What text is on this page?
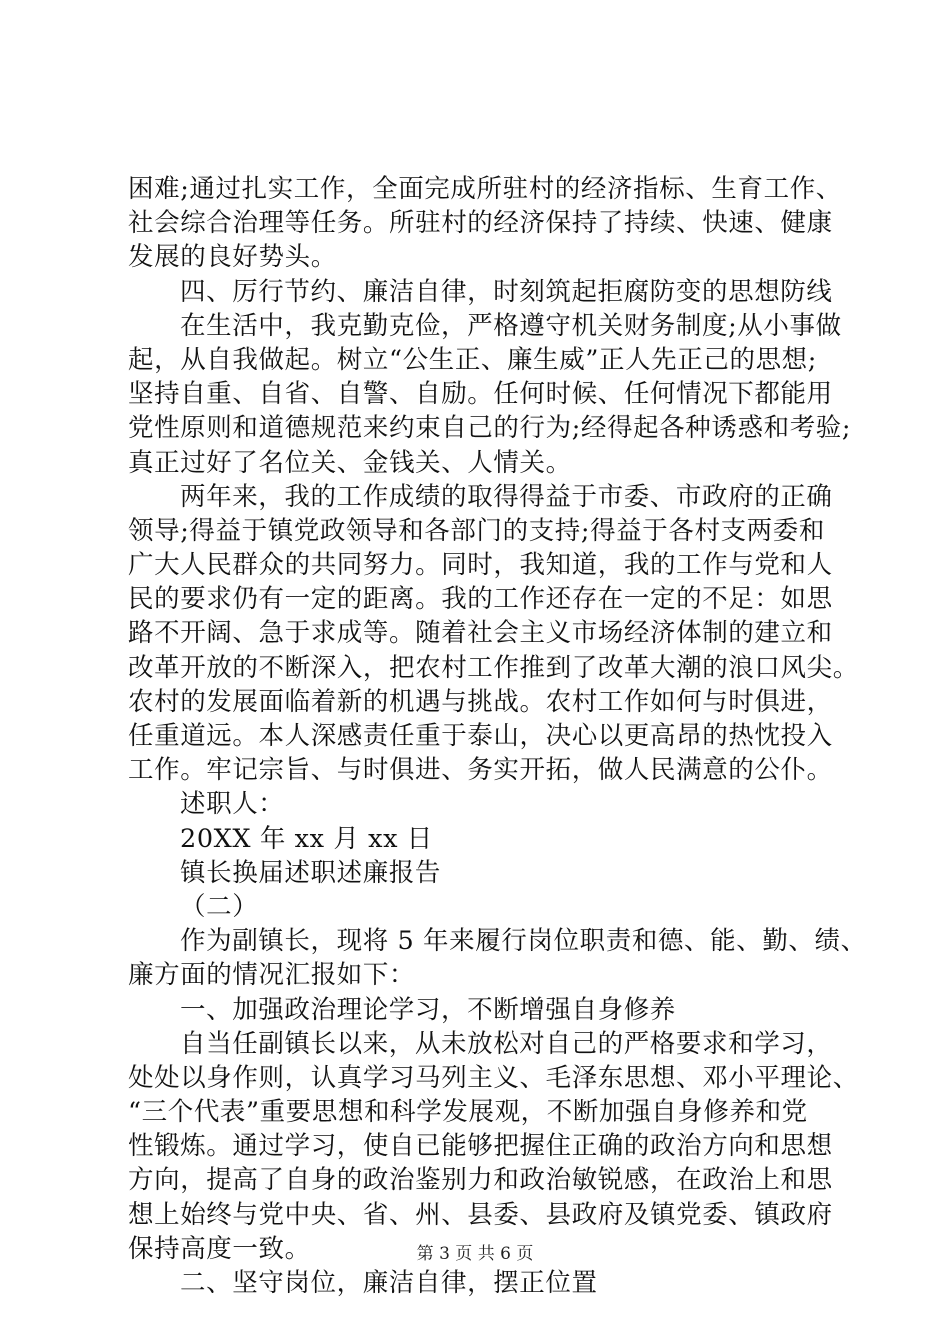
困难;通过扎实工作，全面完成所驻村的经济指标、生育工作、
社会综合治理等任务。所驻村的经济保持了持续、快速、健康
发展的良好势头。
四、厉行节约、廉洁自律，时刻筑起拒腐防变的思想防线
在生活中，我克勤克俭，严格遵守机关财务制度;从小事做
起，从自我做起。树立“公生正、廉生威”正人先正己的思想;
坚持自重、自省、自警、自励。任何时候、任何情况下都能用
党性原则和道德规范来约束自己的行为;经得起各种诱惑和考验;
真正过好了名位关、金钱关、人情关。
两年来，我的工作成绩的取得得益于市委、市政府的正确
领导;得益于镇党政领导和各部门的支持;得益于各村支两委和
广大人民群众的共同努力。同时，我知道，我的工作与党和人
民的要求仍有一定的距离。我的工作还存在一定的不足：如思
路不开阔、急于求成等。随着社会主义市场经济体制的建立和
改革开放的不断深入，把农村工作推到了改革大潮的浪口风尖。
农村的发展面临着新的机遇与挑战。农村工作如何与时俱进，
任重道远。本人深感责任重于泰山，决心以更高昂的热忱投入
工作。牢记宗旨、与时俱进、务实开拓，做人民满意的公仆。
述职人：
20XX 年 xx 月 xx 日
镇长换届述职述廉报告
（二）
作为副镇长，现将 5 年来履行岗位职责和德、能、勤、绩、
廉方面的情况汇报如下：
一、加强政治理论学习，不断增强自身修养
自当任副镇长以来，从未放松对自己的严格要求和学习，
处处以身作则，认真学习马列主义、毛泽东思想、邓小平理论、
“三个代表”重要思想和科学发展观，不断加强自身修养和党
性锻炼。通过学习，使自已能够把握住正确的政治方向和思想
方向，提高了自身的政治鉴别力和政治敏锐感，在政治上和思
想上始终与党中央、省、州、县委、县政府及镇党委、镇政府
保持高度一致。
二、坚守岗位，廉洁自律，摆正位置
第 3 页 共 6 页
